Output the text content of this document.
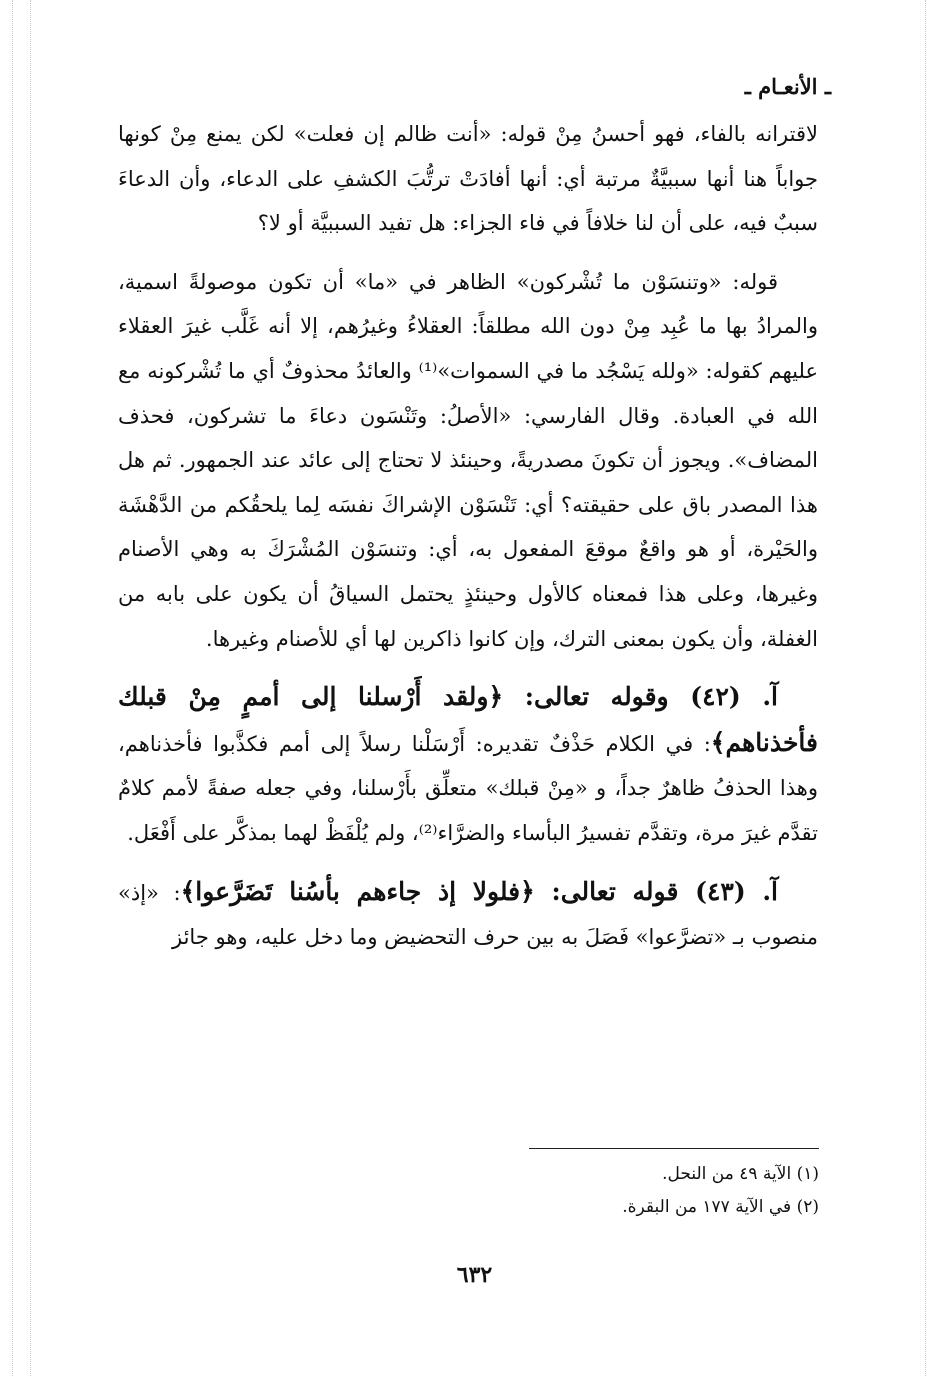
ـ الأنعـام ـ

لاقترانه بالفاء، فهو أحسنُ مِنْ قوله: «أنت ظالم إن فعلت» لكن يمنع مِنْ كونها جواباً هنا أنها سببيَّةٌ مرتبة أي: أنها أفادَتْ ترتُّبَ الكشفِ على الدعاء، وأن الدعاءَ سببٌ فيه، على أن لنا خلافاً في فاء الجزاء: هل تفيد السببيَّة أو لا؟

قوله: «وتنسَوْن ما تُشْركون» الظاهر في «ما» أن تكون موصولةً اسمية، والمرادُ بها ما عُبِد مِنْ دون الله مطلقاً: العقلاءُ وغيرُهم، إلا أنه غَلَّب غيرَ العقلاء عليهم كقوله: «ولله يَسْجُد ما في السموات»⁽¹⁾ والعائدُ محذوفٌ أي ما تُشْركونه مع الله في العبادة. وقال الفارسي: «الأصلُ: وتَنْسَون دعاءَ ما تشركون، فحذف المضاف». ويجوز أن تكونَ مصدريةً، وحينئذ لا تحتاج إلى عائد عند الجمهور. ثم هل هذا المصدر باق على حقيقته؟ أي: تَنْسَوْن الإشراكَ نفسَه لِما يلحقُكم من الدَّهْشَة والحَيْرة، أو هو واقعٌ موقعَ المفعول به، أي: وتنسَوْن المُشْرَكَ به وهي الأصنام وغيرها، وعلى هذا فمعناه كالأول وحينئذٍ يحتمل السياقُ أن يكون على بابه من الغفلة، وأن يكون بمعنى الترك، وإن كانوا ذاكرين لها أي للأصنام وغيرها.

آ. (٤٢) وقوله تعالى: ﴿ولقد أَرْسلنا إلى أممٍ مِنْ قبلك فأخذناهم﴾: في الكلام حَذْفٌ تقديره: أَرْسَلْنا رسلاً إلى أمم فكذَّبوا فأخذناهم، وهذا الحذفُ ظاهرٌ جداً، و «مِنْ قبلك» متعلِّق بأَرْسلنا، وفي جعله صفةً لأمم كلامٌ تقدَّم غيرَ مرة، وتقدَّم تفسيرُ البأساء والضرَّاء⁽²⁾، ولم يُلْفَظْ لهما بمذكَّر على أَفْعَل.

آ. (٤٣) قوله تعالى: ﴿فلولا إذ جاءهم بأسُنا تَضَرَّعوا﴾: «إذ» منصوب بـ «تضرَّعوا» فَصَلَ به بين حرف التحضيض وما دخل عليه، وهو جائز

(١) الآية ٤٩ من النحل.
(٢) في الآية ١٧٧ من البقرة.
٦٣٢
